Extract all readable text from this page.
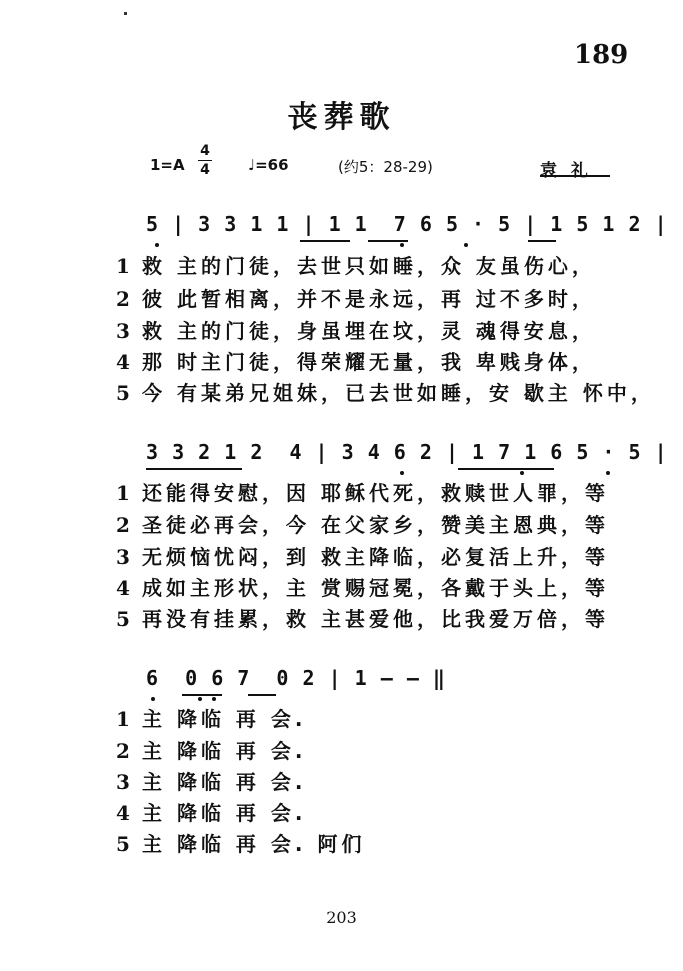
189
丧葬歌
1=A
4
4	♩=66	(约5：28-29)	袁礼
5 | 3 3 1 1 | 1 1  7 6 5 · 5 | 1 5 1 2 |
1 救 主的门徒，去世只如睡，众 友虽伤心，
2 彼 此暂相离，并不是永远，再 过不多时，
3 救 主的门徒，身虽埋在坟，灵 魂得安息，
4 那 时主门徒，得荣耀无量，我 卑贱身体，
5 今 有某弟兄姐妹，已去世如睡，安 歇主 怀中，
3 3 2 1 2  4 | 3 4 6 2 | 1 7 1 6 5 · 5 |
1 还能得安慰，因 耶稣代死，救赎世人罪，等
2 圣徒必再会，今 在父家乡，赞美主恩典，等
3 无烦恼忧闷，到 救主降临，必复活上升，等
4 成如主形状，主 赏赐冠冕，各戴于头上，等
5 再没有挂累，救 主甚爱他，比我爱万倍，等
6  0 6 7  0 2 | 1 — — ‖
1 主 降临 再 会.
2 主 降临 再 会.
3 主 降临 再 会.
4 主 降临 再 会.
5 主 降临 再 会. 阿们
203
